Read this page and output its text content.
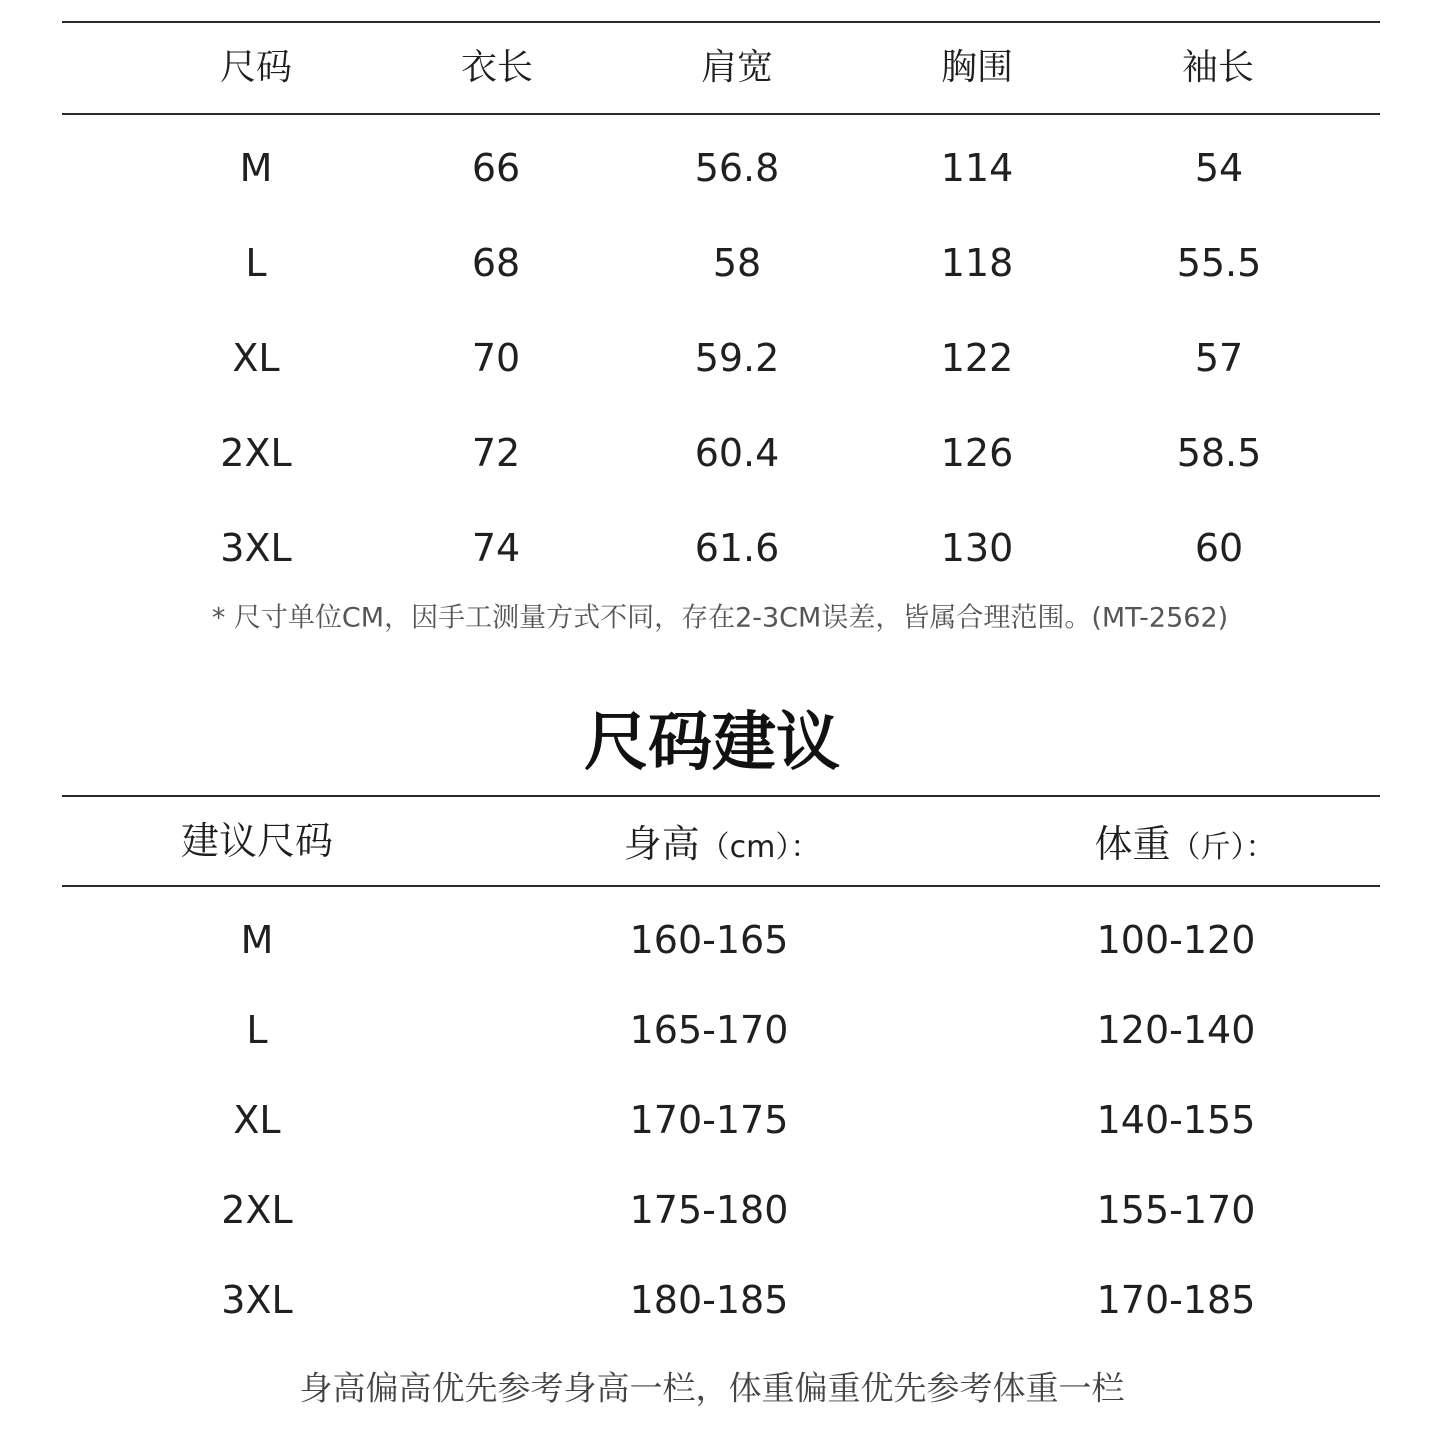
尺码	衣长	肩宽	胸围	袖长
M	66	56.8	114	54
L	68	58	118	55.5
XL	70	59.2	122	57
2XL	72	60.4	126	58.5
3XL	74	61.6	130	60
* 尺寸单位CM，因手工测量方式不同，存在2-3CM误差，皆属合理范围。(MT-2562)
尺码建议
建议尺码	身高（cm）：	体重（斤）：
M	160-165	100-120
L	165-170	120-140
XL	170-175	140-155
2XL	175-180	155-170
3XL	180-185	170-185
身高偏高优先参考身高一栏，体重偏重优先参考体重一栏
